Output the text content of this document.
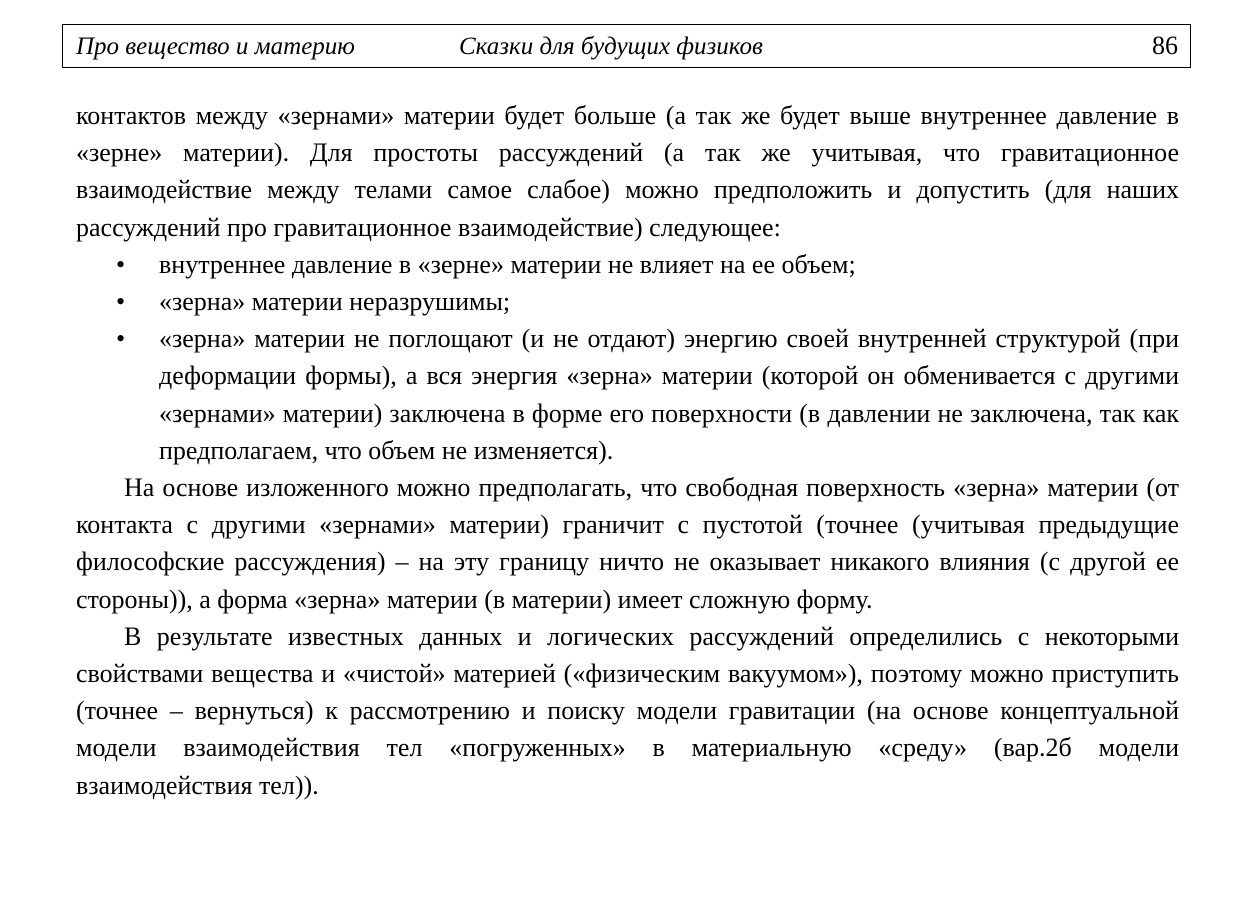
Про вещество и материю	Сказки для будущих физиков	86

контактов между «зернами» материи будет больше (а так же будет выше внутреннее давление в «зерне» материи). Для простоты рассуждений (а так же учитывая, что гравитационное взаимодействие между телами самое слабое) можно предположить и допустить (для наших рассуждений про гравитационное взаимодействие) следующее:

• внутреннее давление в «зерне» материи не влияет на ее объем;
• «зерна» материи неразрушимы;
• «зерна» материи не поглощают (и не отдают) энергию своей внутренней структурой (при деформации формы), а вся энергия «зерна» материи (которой он обменивается с другими «зернами» материи) заключена в форме его поверхности (в давлении не заключена, так как предполагаем, что объем не изменяется).

На основе изложенного можно предполагать, что свободная поверхность «зерна» материи (от контакта с другими «зернами» материи) граничит с пустотой (точнее (учитывая предыдущие философские рассуждения) – на эту границу ничто не оказывает никакого влияния (с другой ее стороны)), а форма «зерна» материи (в материи) имеет сложную форму.

В результате известных данных и логических рассуждений определились с некоторыми свойствами вещества и «чистой» материей («физическим вакуумом»), поэтому можно приступить (точнее – вернуться) к рассмотрению и поиску модели гравитации (на основе концептуальной модели взаимодействия тел «погруженных» в материальную «среду» (вар.2б модели взаимодействия тел)).
